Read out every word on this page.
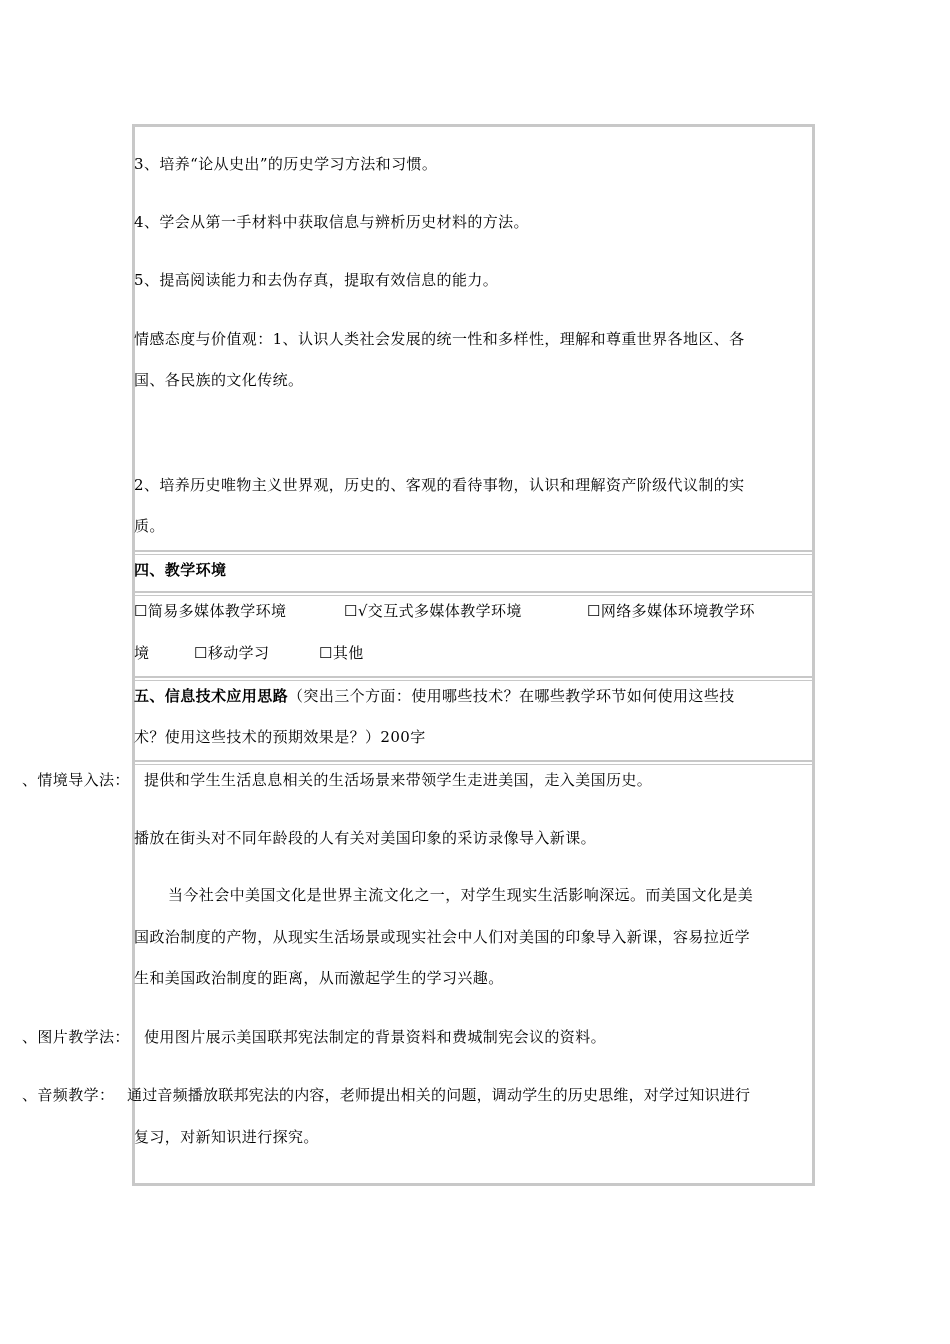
3、培养“论从史出”的历史学习方法和习惯。
4、学会从第一手材料中获取信息与辨析历史材料的方法。
5、提高阅读能力和去伪存真，提取有效信息的能力。
情感态度与价值观：1、认识人类社会发展的统一性和多样性，理解和尊重世界各地区、各
国、各民族的文化传统。
2、培养历史唯物主义世界观，历史的、客观的看待事物，认识和理解资产阶级代议制的实
质。
四、教学环境
☐简易多媒体教学环境	☐√交互式多媒体教学环境	☐网络多媒体环境教学环
境	☐移动学习	☐其他
五、信息技术应用思路（突出三个方面：使用哪些技术？在哪些教学环节如何使用这些技
术？使用这些技术的预期效果是？）200字
、情境导入法： 提供和学生生活息息相关的生活场景来带领学生走进美国，走入美国历史。
播放在街头对不同年龄段的人有关对美国印象的采访录像导入新课。
当今社会中美国文化是世界主流文化之一，对学生现实生活影响深远。而美国文化是美
国政治制度的产物，从现实生活场景或现实社会中人们对美国的印象导入新课，容易拉近学
生和美国政治制度的距离，从而激起学生的学习兴趣。
、图片教学法： 使用图片展示美国联邦宪法制定的背景资料和费城制宪会议的资料。
、音频教学： 通过音频播放联邦宪法的内容，老师提出相关的问题，调动学生的历史思维，对学过知识进行
复习，对新知识进行探究。
